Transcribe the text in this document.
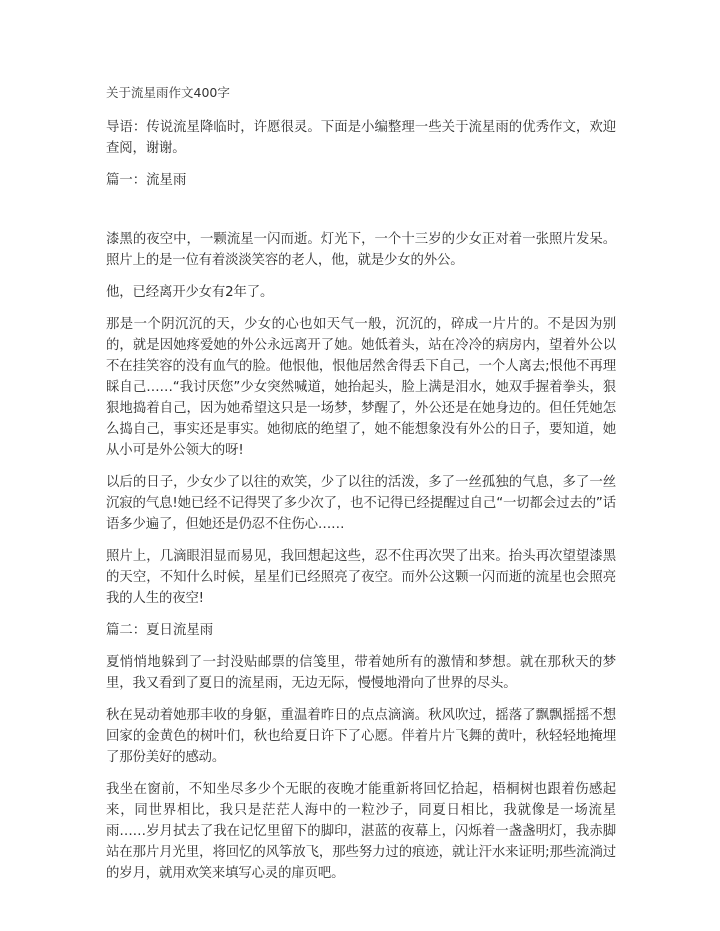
关于流星雨作文400字
导语：传说流星降临时，许愿很灵。下面是小编整理一些关于流星雨的优秀作文，欢迎查阅，谢谢。
篇一：流星雨
漆黑的夜空中，一颗流星一闪而逝。灯光下，一个十三岁的少女正对着一张照片发呆。照片上的是一位有着淡淡笑容的老人，他，就是少女的外公。
他，已经离开少女有2年了。
那是一个阴沉沉的天，少女的心也如天气一般，沉沉的，碎成一片片的。不是因为别的，就是因她疼爱她的外公永远离开了她。她低着头，站在冷冷的病房内，望着外公以不在挂笑容的没有血气的脸。他恨他，恨他居然舍得丢下自己，一个人离去;恨他不再理睬自己……“我讨厌您”少女突然喊道，她抬起头，脸上满是泪水，她双手握着拳头，狠狠地捣着自己，因为她希望这只是一场梦，梦醒了，外公还是在她身边的。但任凭她怎么捣自己，事实还是事实。她彻底的绝望了，她不能想象没有外公的日子，要知道，她从小可是外公领大的呀!
以后的日子，少女少了以往的欢笑，少了以往的活泼，多了一丝孤独的气息，多了一丝沉寂的气息!她已经不记得哭了多少次了，也不记得已经提醒过自己“一切都会过去的”话语多少遍了，但她还是仍忍不住伤心……
照片上，几滴眼泪显而易见，我回想起这些，忍不住再次哭了出来。抬头再次望望漆黑的天空，不知什么时候，星星们已经照亮了夜空。而外公这颗一闪而逝的流星也会照亮我的人生的夜空!
篇二：夏日流星雨
夏悄悄地躲到了一封没贴邮票的信笺里，带着她所有的激情和梦想。就在那秋天的梦里，我又看到了夏日的流星雨，无边无际，慢慢地滑向了世界的尽头。
秋在晃动着她那丰收的身躯，重温着昨日的点点滴滴。秋风吹过，摇落了飘飘摇摇不想回家的金黄色的树叶们，秋也给夏日许下了心愿。伴着片片飞舞的黄叶，秋轻轻地掩埋了那份美好的感动。
我坐在窗前，不知坐尽多少个无眠的夜晚才能重新将回忆拾起，梧桐树也跟着伤感起来，同世界相比，我只是茫茫人海中的一粒沙子，同夏日相比，我就像是一场流星雨……岁月拭去了我在记忆里留下的脚印，湛蓝的夜幕上，闪烁着一盏盏明灯，我赤脚站在那片月光里，将回忆的风筝放飞，那些努力过的痕迹，就让汗水来证明;那些流淌过的岁月，就用欢笑来填写心灵的扉页吧。
